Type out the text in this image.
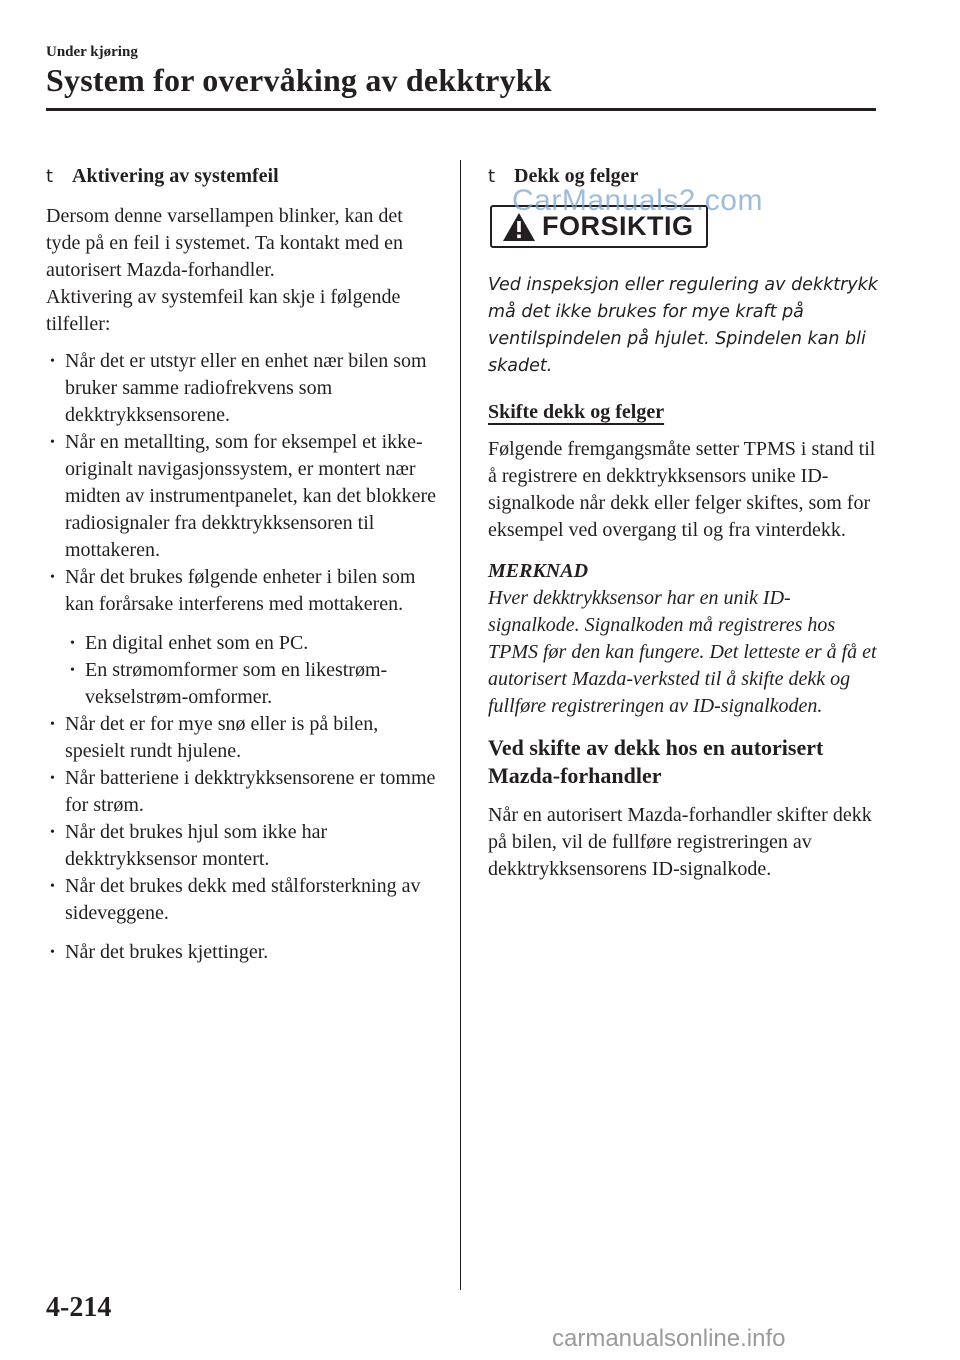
Under kjøring
System for overvåking av dekktrykk
t Aktivering av systemfeil

Dersom denne varsellampen blinker, kan det tyde på en feil i systemet. Ta kontakt med en autorisert Mazda-forhandler.

Aktivering av systemfeil kan skje i følgende tilfeller:

• Når det er utstyr eller en enhet nær bilen som bruker samme radiofrekvens som dekktrykksensorene.
• Når en metallting, som for eksempel et ikke-originalt navigasjonssystem, er montert nær midten av instrumentpanelet, kan det blokkere radiosignaler fra dekktrykksensoren til mottakeren.
• Når det brukes følgende enheter i bilen som kan forårsake interferens med mottakeren.
• En digital enhet som en PC.
• En strømomformer som en likestrøm-vekselstrøm-omformer.
• Når det er for mye snø eller is på bilen, spesielt rundt hjulene.
• Når batteriene i dekktrykksensorene er tomme for strøm.
• Når det brukes hjul som ikke har dekktrykksensor montert.
• Når det brukes dekk med stålforsterkning av sideveggene.
• Når det brukes kjettinger.
t Dekk og felger
FORSIKTIG

Ved inspeksjon eller regulering av dekktrykk må det ikke brukes for mye kraft på ventilspindelen på hjulet. Spindelen kan bli skadet.

Skifte dekk og felger

Følgende fremgangsmåte setter TPMS i stand til å registrere en dekktrykksensors unike ID-signalkode når dekk eller felger skiftes, som for eksempel ved overgang til og fra vinterdekk.

MERKNAD

Hver dekktrykksensor har en unik ID-signalkode. Signalkoden må registreres hos TPMS før den kan fungere. Det letteste er å få et autorisert Mazda-verksted til å skifte dekk og fullføre registreringen av ID-signalkoden.

Ved skifte av dekk hos en autorisert Mazda-forhandler

Når en autorisert Mazda-forhandler skifter dekk på bilen, vil de fullføre registreringen av dekktrykksensorens ID-signalkode.

4-214
CarManuals2.com
carmanualsonline.info
